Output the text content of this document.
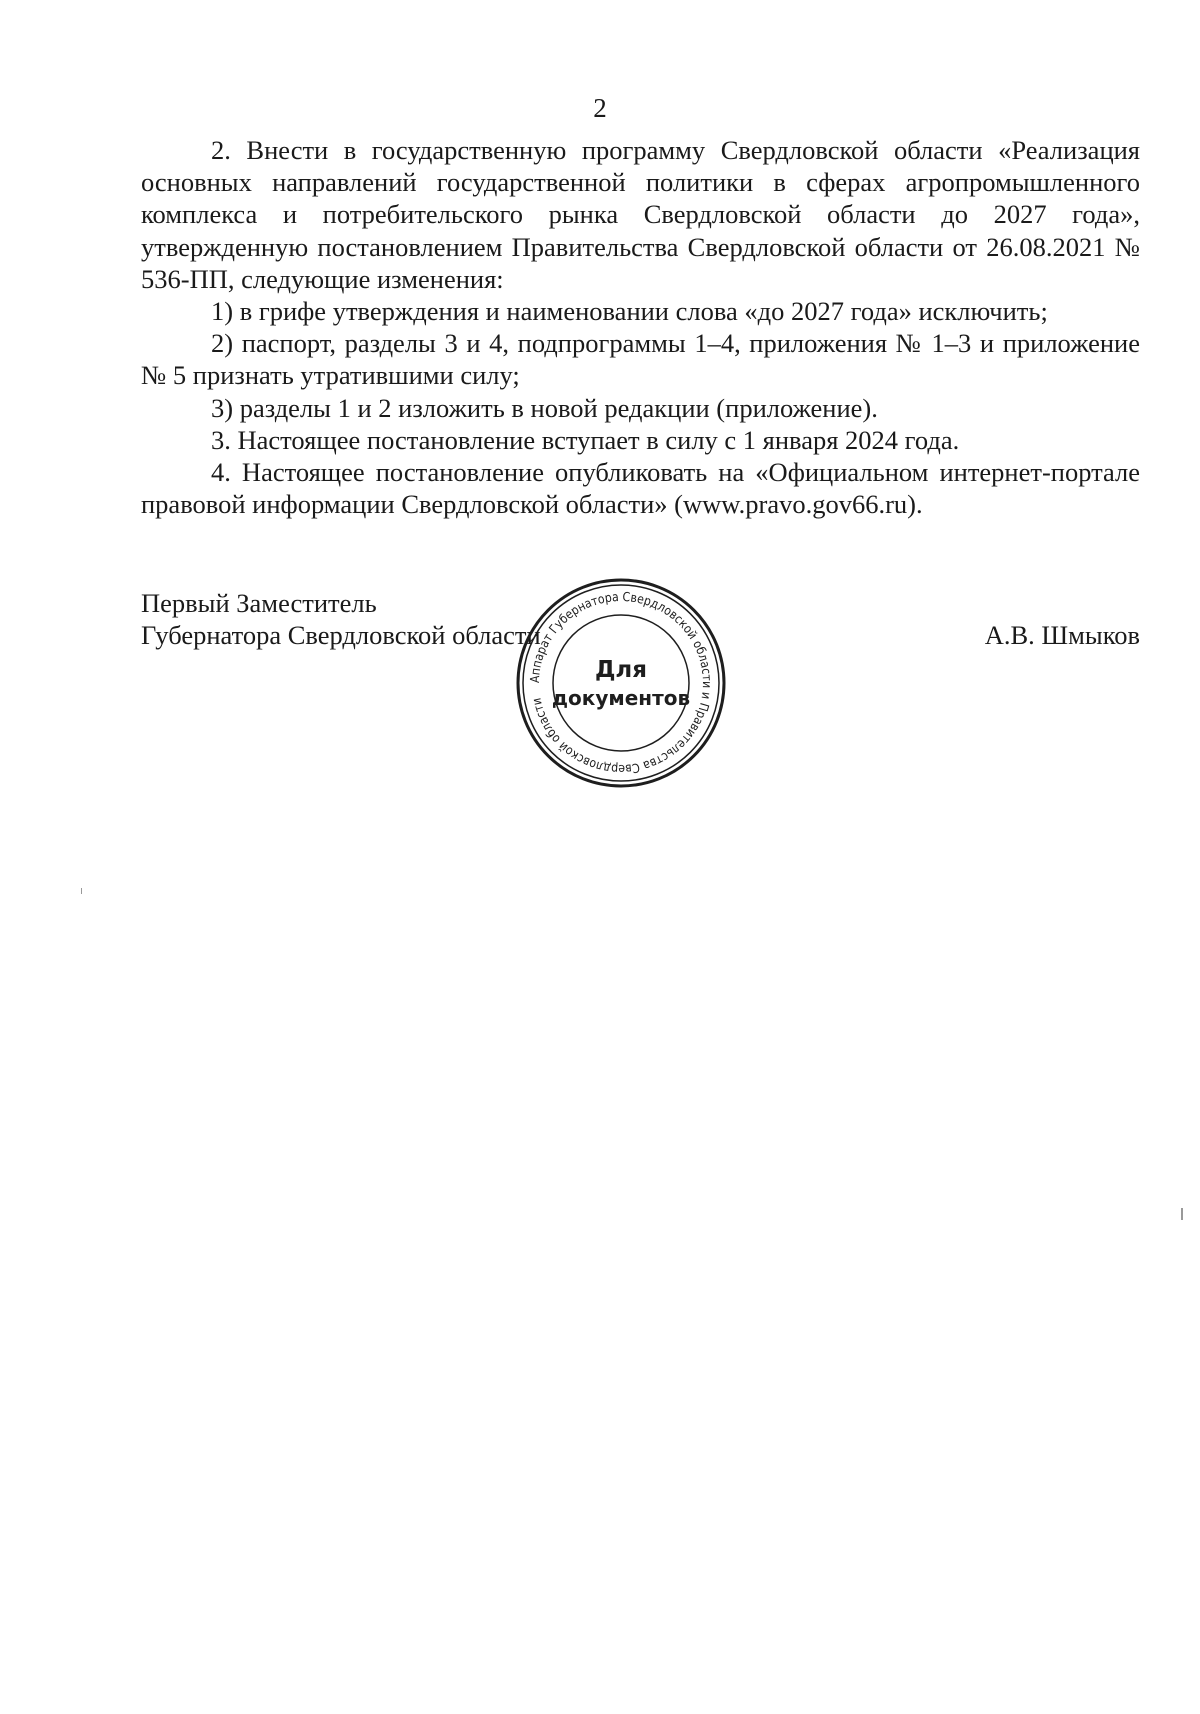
2

2. Внести в государственную программу Свердловской области «Реализация основных направлений государственной политики в сферах агропромышленного комплекса и потребительского рынка Свердловской области до 2027 года», утвержденную постановлением Правительства Свердловской области от 26.08.2021 № 536-ПП, следующие изменения:

1) в грифе утверждения и наименовании слова «до 2027 года» исключить;

2) паспорт, разделы 3 и 4, подпрограммы 1–4, приложения № 1–3 и приложение № 5 признать утратившими силу;

3) разделы 1 и 2 изложить в новой редакции (приложение).

3. Настоящее постановление вступает в силу с 1 января 2024 года.

4. Настоящее постановление опубликовать на «Официальном интернет-портале правовой информации Свердловской области» (www.pravo.gov66.ru).

Первый Заместитель

Губернатора Свердловской области	А.В. Шмыков

Аппарат Губернатора Свердловской области и Правительства Свердловской области
Для
документов
